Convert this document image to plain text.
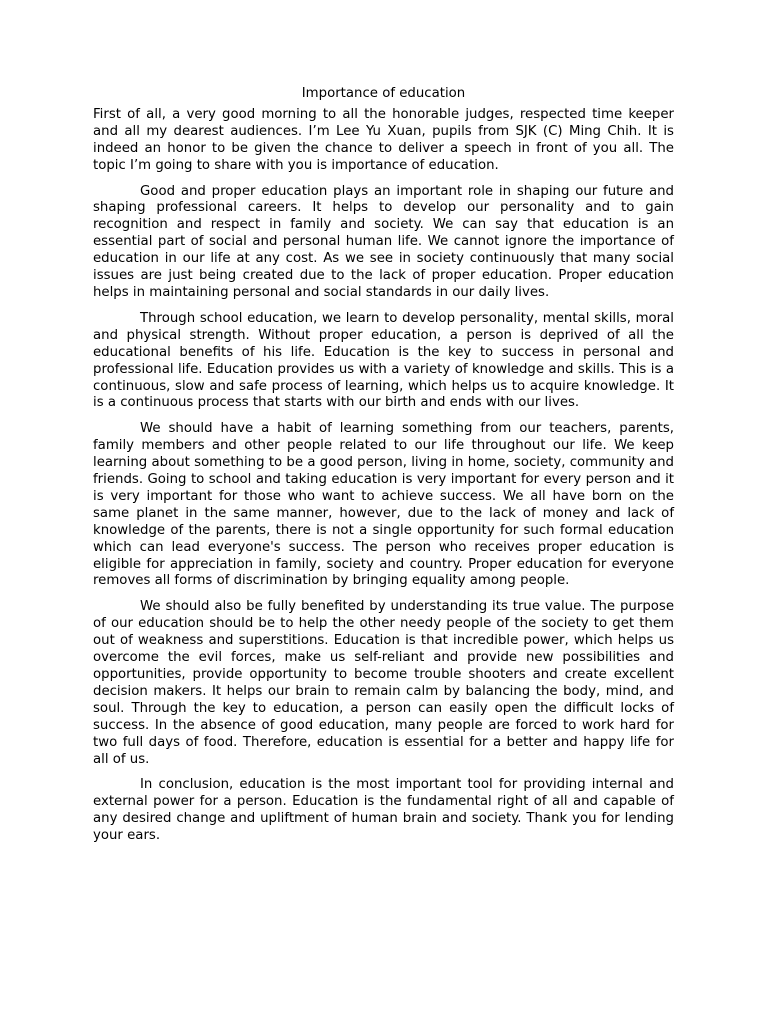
Importance of education

First of all, a very good morning to all the honorable judges, respected time keeper and all my dearest audiences. I’m Lee Yu Xuan, pupils from SJK (C) Ming Chih. It is indeed an honor to be given the chance to deliver a speech in front of you all. The topic I’m going to share with you is importance of education.

Good and proper education plays an important role in shaping our future and shaping professional careers. It helps to develop our personality and to gain recognition and respect in family and society. We can say that education is an essential part of social and personal human life. We cannot ignore the importance of education in our life at any cost. As we see in society continuously that many social issues are just being created due to the lack of proper education. Proper education helps in maintaining personal and social standards in our daily lives.

Through school education, we learn to develop personality, mental skills, moral and physical strength. Without proper education, a person is deprived of all the educational benefits of his life. Education is the key to success in personal and professional life. Education provides us with a variety of knowledge and skills. This is a continuous, slow and safe process of learning, which helps us to acquire knowledge. It is a continuous process that starts with our birth and ends with our lives.

We should have a habit of learning something from our teachers, parents, family members and other people related to our life throughout our life. We keep learning about something to be a good person, living in home, society, community and friends. Going to school and taking education is very important for every person and it is very important for those who want to achieve success. We all have born on the same planet in the same manner, however, due to the lack of money and lack of knowledge of the parents, there is not a single opportunity for such formal education which can lead everyone's success. The person who receives proper education is eligible for appreciation in family, society and country. Proper education for everyone removes all forms of discrimination by bringing equality among people.

We should also be fully benefited by understanding its true value. The purpose of our education should be to help the other needy people of the society to get them out of weakness and superstitions. Education is that incredible power, which helps us overcome the evil forces, make us self-reliant and provide new possibilities and opportunities, provide opportunity to become trouble shooters and create excellent decision makers. It helps our brain to remain calm by balancing the body, mind, and soul. Through the key to education, a person can easily open the difficult locks of success. In the absence of good education, many people are forced to work hard for two full days of food. Therefore, education is essential for a better and happy life for all of us.

In conclusion, education is the most important tool for providing internal and external power for a person. Education is the fundamental right of all and capable of any desired change and upliftment of human brain and society. Thank you for lending your ears.
